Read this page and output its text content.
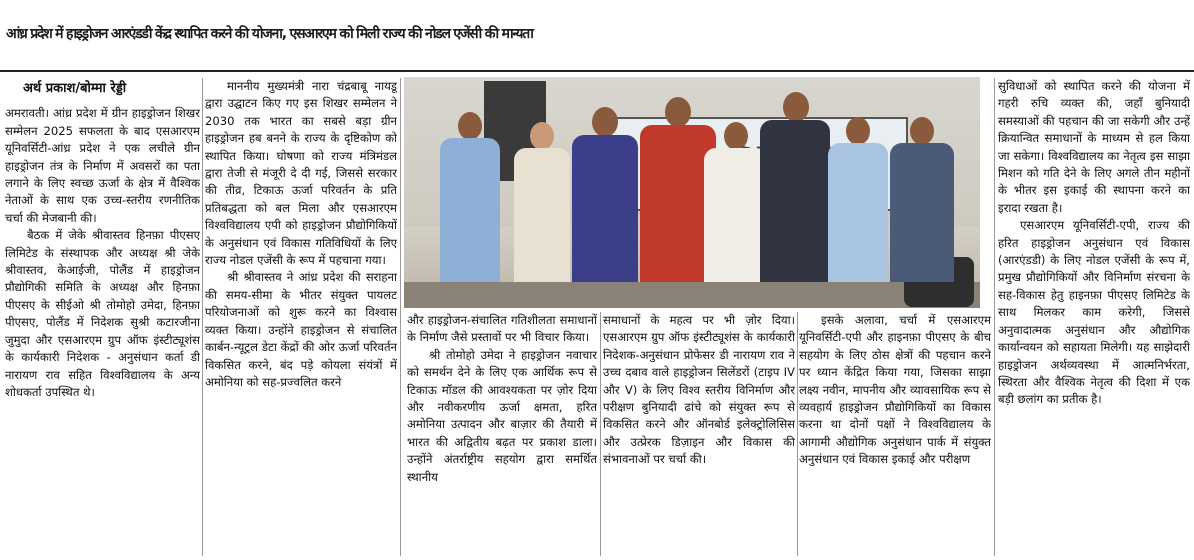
आंध्र प्रदेश में हाइड्रोजन आरएंडडी केंद्र स्थापित करने की योजना, एसआरएम को मिली राज्य की नोडल एजेंसी की मान्यता
अर्थ प्रकाश/बोम्मा रेड्डी

अमरावती। आंध्र प्रदेश में ग्रीन हाइड्रोजन शिखर सम्मेलन 2025 सफलता के बाद एसआरएम यूनिवर्सिटी-आंध्र प्रदेश ने एक लचीले ग्रीन हाइड्रोजन तंत्र के निर्माण में अवसरों का पता लगाने के लिए स्वच्छ ऊर्जा के क्षेत्र में वैश्विक नेताओं के साथ एक उच्च-स्तरीय रणनीतिक चर्चा की मेजबानी की।

बैठक में जेके श्रीवास्तव हिनफ़ा पीएसए लिमिटेड के संस्थापक और अध्यक्ष श्री जेके श्रीवास्तव, केआईजी, पोलैंड में हाइड्रोजन प्रौद्योगिकी समिति के अध्यक्ष और हिनफ़ा पीएसए के सीईओ श्री तोमोहो उमेदा, हिनफ़ा पीएसए, पोलैंड में निदेशक सुश्री कटारजीना जुमुदा और एसआरएम ग्रुप ऑफ इंस्टीट्यूशंस के कार्यकारी निदेशक - अनुसंधान कर्ता डी नारायण राव सहित विश्वविद्यालय के अन्य शोधकर्ता उपस्थित थे।

माननीय मुख्यमंत्री नारा चंद्रबाबू नायडू द्वारा उद्घाटन किए गए इस शिखर सम्मेलन ने 2030 तक भारत का सबसे बड़ा ग्रीन हाइड्रोजन हब बनने के राज्य के दृष्टिकोण को स्थापित किया। घोषणा को राज्य मंत्रिमंडल द्वारा तेजी से मंजूरी दे दी गई, जिससे सरकार की तीव्र, टिकाऊ ऊर्जा परिवर्तन के प्रति प्रतिबद्धता को बल मिला और एसआरएम विश्वविद्यालय एपी को हाइड्रोजन प्रौद्योगिकियों के अनुसंधान एवं विकास गतिविधियों के लिए राज्य नोडल एजेंसी के रूप में पहचाना गया।

श्री श्रीवास्तव ने आंध्र प्रदेश की सराहना की समय-सीमा के भीतर संयुक्त पायलट परियोजनाओं को शुरू करने का विश्वास व्यक्त किया। उन्होंने हाइड्रोजन से संचालित कार्बन-न्यूट्रल डेटा केंद्रों की ओर ऊर्जा परिवर्तन विकसित करने, बंद पड़े कोयला संयंत्रों में अमोनिया को सह-प्रज्वलित करने

और हाइड्रोजन-संचालित गतिशीलता समाधानों के निर्माण जैसे प्रस्तावों पर भी विचार किया।

श्री तोमोहो उमेदा ने हाइड्रोजन नवाचार को समर्थन देने के लिए एक आर्थिक रूप से टिकाऊ मॉडल की आवश्यकता पर ज़ोर दिया और नवीकरणीय ऊर्जा क्षमता, हरित अमोनिया उत्पादन और बाज़ार की तैयारी में भारत की अद्वितीय बढ़त पर प्रकाश डाला। उन्होंने अंतर्राष्ट्रीय सहयोग द्वारा समर्थित स्थानीय

समाधानों के महत्व पर भी ज़ोर दिया। एसआरएम ग्रुप ऑफ इंस्टीट्यूशंस के कार्यकारी निदेशक-अनुसंधान प्रोफेसर डी नारायण राव ने उच्च दबाव वाले हाइड्रोजन सिलेंडरों (टाइप IV और V) के लिए विश्व स्तरीय विनिर्माण और परीक्षण बुनियादी ढांचे को संयुक्त रूप से विकसित करने और ऑनबोर्ड इलेक्ट्रोलिसिस और उत्प्रेरक डिज़ाइन और विकास की संभावनाओं पर चर्चा की।

इसके अलावा, चर्चा में एसआरएम यूनिवर्सिटी-एपी और हाइनफ़ा पीएसए के बीच सहयोग के लिए ठोस क्षेत्रों की पहचान करने पर ध्यान केंद्रित किया गया, जिसका साझा लक्ष्य नवीन, मापनीय और व्यावसायिक रूप से व्यवहार्य हाइड्रोजन प्रौद्योगिकियों का विकास करना था दोनों पक्षों ने विश्वविद्यालय के आगामी औद्योगिक अनुसंधान पार्क में संयुक्त अनुसंधान एवं विकास इकाई और परीक्षण

सुविधाओं को स्थापित करने की योजना में गहरी रुचि व्यक्त की, जहाँ बुनियादी समस्याओं की पहचान की जा सकेगी और उन्हें क्रियान्वित समाधानों के माध्यम से हल किया जा सकेगा। विश्वविद्यालय का नेतृत्व इस साझा मिशन को गति देने के लिए अगले तीन महीनों के भीतर इस इकाई की स्थापना करने का इरादा रखता है।

एसआरएम यूनिवर्सिटी-एपी, राज्य की हरित हाइड्रोजन अनुसंधान एवं विकास (आरएंडडी) के लिए नोडल एजेंसी के रूप में, प्रमुख प्रौद्योगिकियों और विनिर्माण संरचना के सह-विकास हेतु हाइनफ़ा पीएसए लिमिटेड के साथ मिलकर काम करेगी, जिससे अनुवादात्मक अनुसंधान और औद्योगिक कार्यान्वयन को सहायता मिलेगी। यह साझेदारी हाइड्रोजन अर्थव्यवस्था में आत्मनिर्भरता, स्थिरता और वैश्विक नेतृत्व की दिशा में एक बड़ी छलांग का प्रतीक है।
